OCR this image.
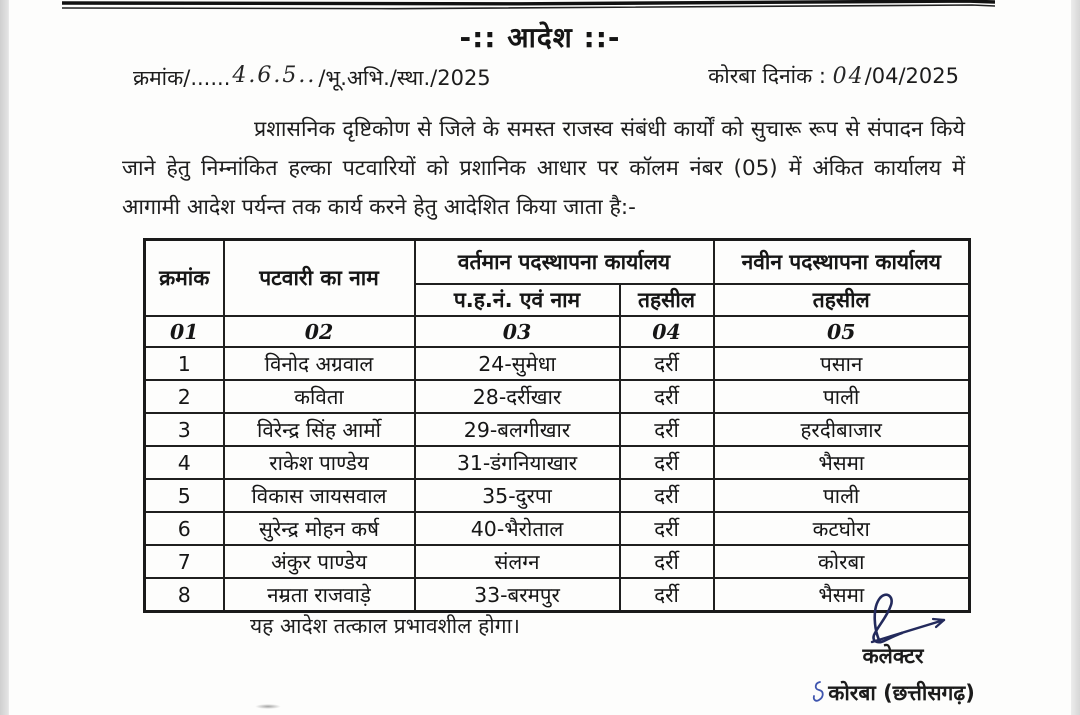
-:: आदेश ::-
क्रमांक/......4.6.5../भू.अभि./स्था./2025	कोरबा दिनांक : 04/04/2025
प्रशासनिक दृष्टिकोण से जिले के समस्त राजस्व संबंधी कार्यों को सुचारू रूप से संपादन किये जाने हेतु निम्नांकित हल्का पटवारियों को प्रशानिक आधार पर कॉलम नंबर (05) में अंकित कार्यालय में आगामी आदेश पर्यन्त तक कार्य करने हेतु आदेशित किया जाता है:-
क्रमांक	पटवारी का नाम	वर्तमान पदस्थापना कार्यालय		नवीन पदस्थापना कार्यालय
		प.ह.नं. एवं नाम	तहसील	तहसील
01	02	03	04	05
1	विनोद अग्रवाल	24-सुमेधा	दर्री	पसान
2	कविता	28-दर्रीखार	दर्री	पाली
3	विरेन्द्र सिंह आर्मो	29-बलगीखार	दर्री	हरदीबाजार
4	राकेश पाण्डेय	31-डंगनियाखार	दर्री	भैसमा
5	विकास जायसवाल	35-दुरपा	दर्री	पाली
6	सुरेन्द्र मोहन कर्ष	40-भैरोताल	दर्री	कटघोरा
7	अंकुर पाण्डेय	संलग्न	दर्री	कोरबा
8	नम्रता राजवाड़े	33-बरमपुर	दर्री	भैसमा
यह आदेश तत्काल प्रभावशील होगा।
कलेक्टर
कोरबा (छत्तीसगढ़)
